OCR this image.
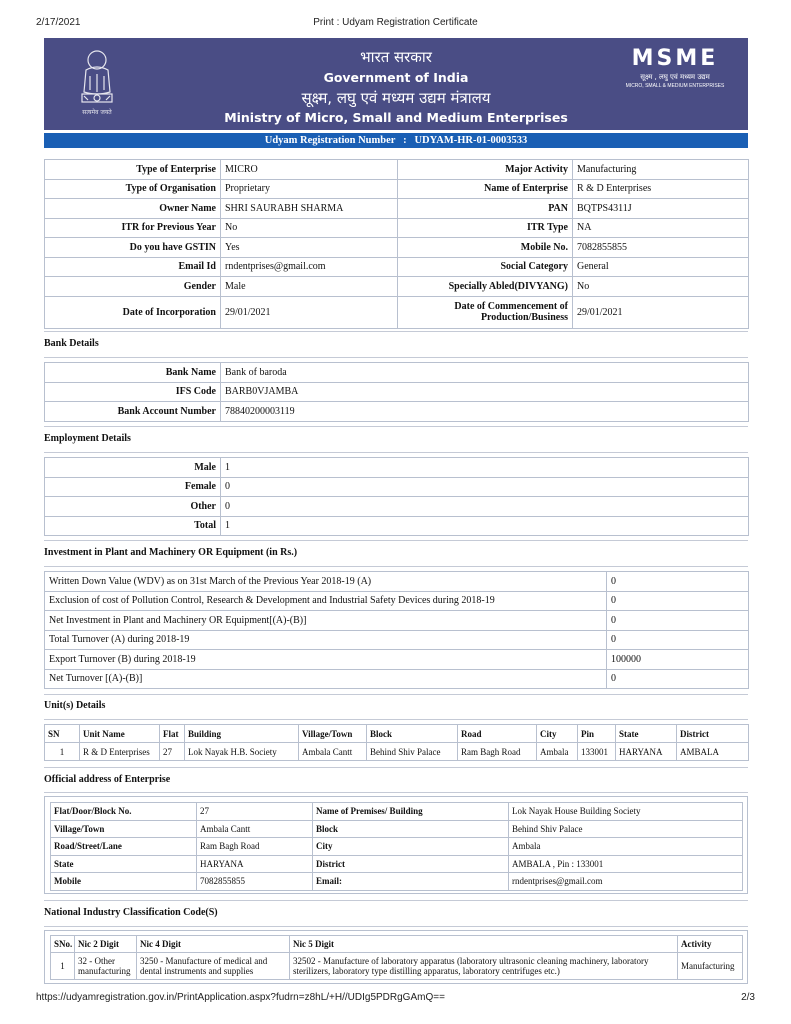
2/17/2021	Print : Udyam Registration Certificate
सत्यमेव जयते
भारत सरकार
Government of India
सूक्ष्म, लघु एवं मध्यम उद्यम मंत्रालय
Ministry of Micro, Small and Medium Enterprises
MSME
सूक्ष्म , लघु एवं मध्यम उद्यम
MICRO, SMALL & MEDIUM ENTERPRISES
Udyam Registration Number : UDYAM-HR-01-0003533
Type of Enterprise	MICRO	Major Activity	Manufacturing
Type of Organisation	Proprietary	Name of Enterprise	R & D Enterprises
Owner Name	SHRI SAURABH SHARMA	PAN	BQTPS4311J
ITR for Previous Year	No	ITR Type	NA
Do you have GSTIN	Yes	Mobile No.	7082855855
Email Id	rndentprises@gmail.com	Social Category	General
Gender	Male	Specially Abled(DIVYANG)	No
Date of Incorporation	29/01/2021	Date of Commencement of Production/Business	29/01/2021
Bank Details
Bank Name	Bank of baroda
IFS Code	BARB0VJAMBA
Bank Account Number	78840200003119
Employment Details
Male	1
Female	0
Other	0
Total	1
Investment in Plant and Machinery OR Equipment (in Rs.)
Written Down Value (WDV) as on 31st March of the Previous Year 2018-19 (A)	0
Exclusion of cost of Pollution Control, Research & Development and Industrial Safety Devices during 2018-19	0
Net Investment in Plant and Machinery OR Equipment[(A)-(B)]	0
Total Turnover (A) during 2018-19	0
Export Turnover (B) during 2018-19	100000
Net Turnover [(A)-(B)]	0
Unit(s) Details
SN	Unit Name	Flat	Building	Village/Town	Block	Road	City	Pin	State	District
1	R & D Enterprises	27	Lok Nayak H.B. Society	Ambala Cantt	Behind Shiv Palace	Ram Bagh Road	Ambala	133001	HARYANA	AMBALA
Official address of Enterprise
Flat/Door/Block No.	27	Name of Premises/ Building	Lok Nayak House Building Society
Village/Town	Ambala Cantt	Block	Behind Shiv Palace
Road/Street/Lane	Ram Bagh Road	City	Ambala
State	HARYANA	District	AMBALA , Pin : 133001
Mobile	7082855855	Email:	rndentprises@gmail.com
National Industry Classification Code(S)
SNo.	Nic 2 Digit	Nic 4 Digit	Nic 5 Digit	Activity
1	32 - Other manufacturing	3250 - Manufacture of medical and dental instruments and supplies	32502 - Manufacture of laboratory apparatus (laboratory ultrasonic cleaning machinery, laboratory sterilizers, laboratory type distilling apparatus, laboratory centrifuges etc.)	Manufacturing
https://udyamregistration.gov.in/PrintApplication.aspx?fudrn=z8hL/+H//UDIg5PDRgGAmQ==	2/3
